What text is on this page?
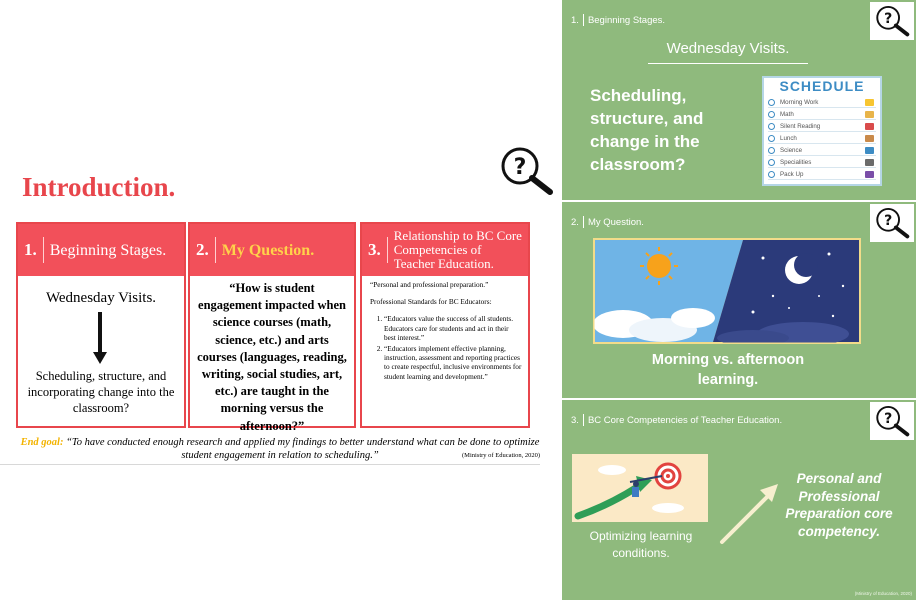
Introduction.
?
1. Beginning Stages.
Wednesday Visits.
Scheduling, structure, and incorporating change into the classroom?
2. My Question.
“How is student engagement impacted when science courses (math, science, etc.) and arts courses (languages, reading, writing, social studies, art, etc.) are taught in the morning versus the afternoon?”
3.
Relationship to BC Core Competencies of Teacher Education.

“Personal and professional preparation.”

Professional Standards for BC Educators:

1. “Educators value the success of all students. Educators care for students and act in their best interest.”
2. “Educators implement effective planning, instruction, assessment and reporting practices to create respectful, inclusive environments for student learning and development.”
End goal: “To have conducted enough research and applied my findings to better understand what can be done to optimize student engagement in relation to scheduling.”	(Ministry of Education, 2020)
1. Beginning Stages.	?
Wednesday Visits.
Scheduling, structure, and change in the classroom?
SCHEDULE
Morning Work
Math
Silent Reading
Lunch
Science
Specialities
Pack Up
2. My Question.	?
Morning vs. afternoon learning.
3. BC Core Competencies of Teacher Education.	?
Optimizing learning conditions.
Personal and Professional Preparation core competency.
(Ministry of Education, 2020)
